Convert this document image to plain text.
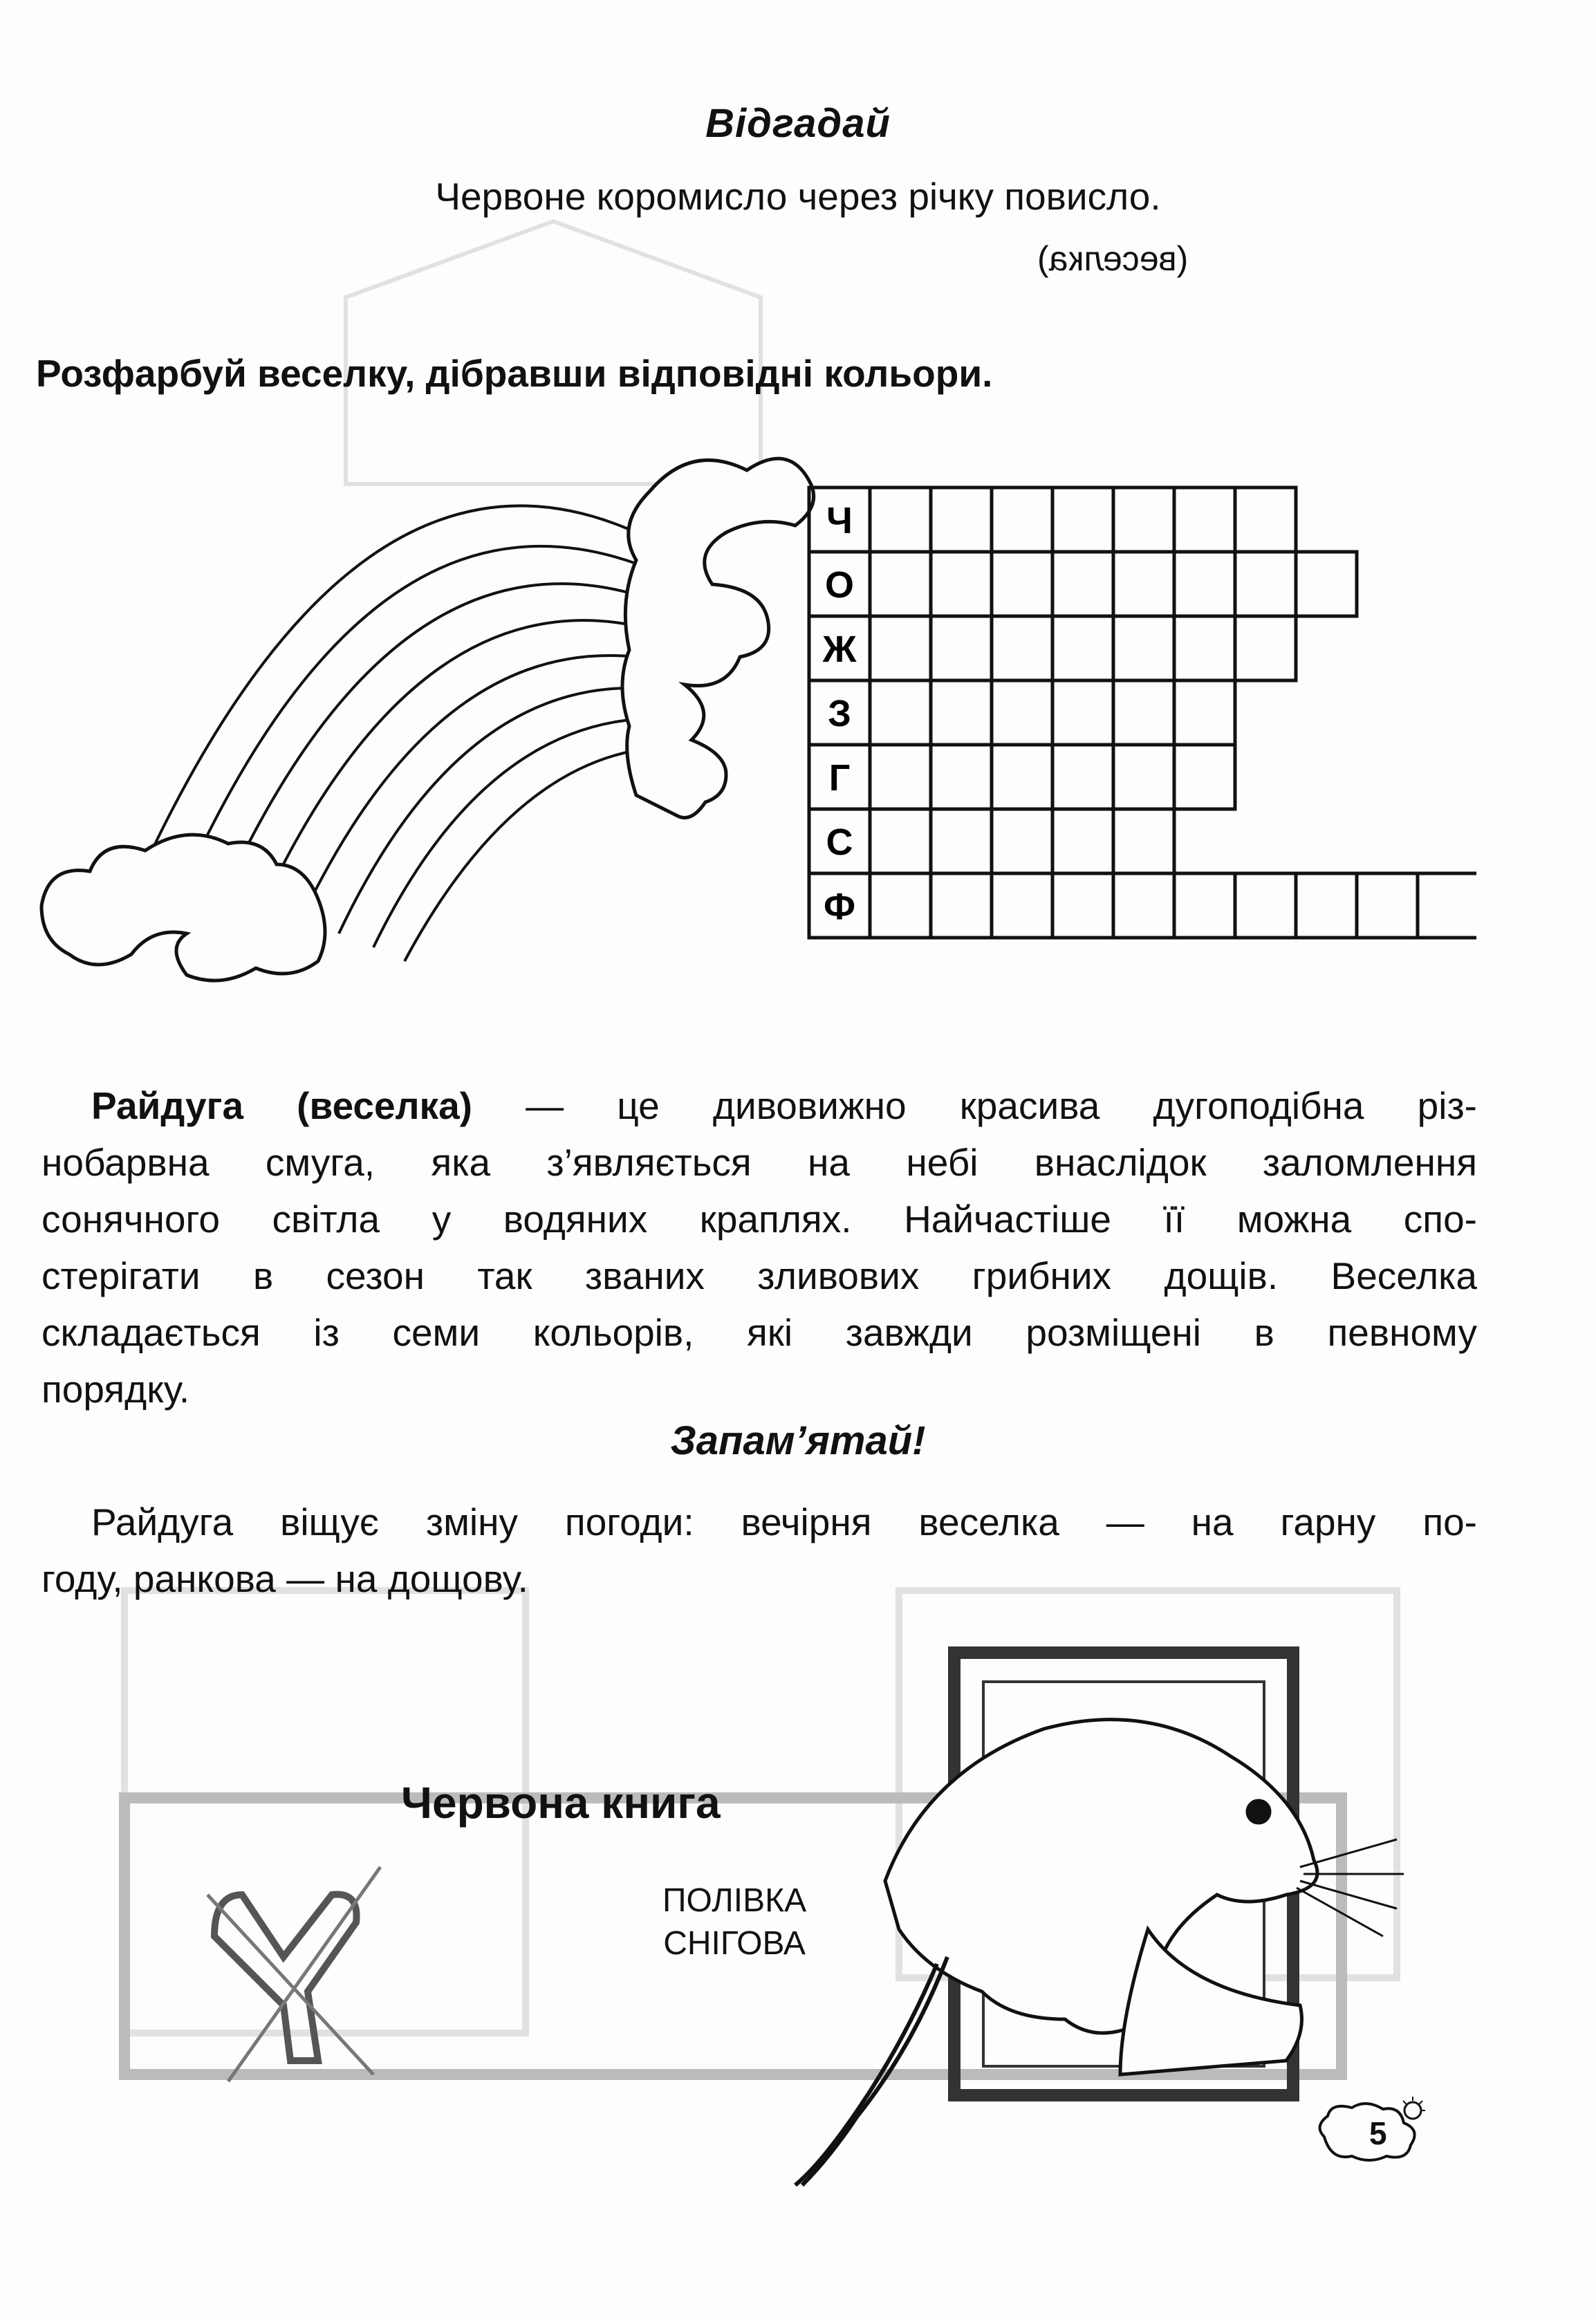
Відгадай
Червоне коромисло через річку повисло.
(веселка)
Розфарбуй веселку, дібравши відповідні кольори.
Ч
О
Ж
З
Г
С
Ф
Райдуга (веселка) — це дивовижно красива дугоподібна різ-
нобарвна смуга, яка з’являється на небі внаслідок заломлення
сонячного світла у водяних краплях. Найчастіше її можна спо-
стерігати в сезон так званих зливових грибних дощів. Веселка
складається із семи кольорів, які завжди розміщені в певному
порядку.
Запам’ятай!
Райдуга віщує зміну погоди: вечірня веселка — на гарну по-
году, ранкова — на дощову.
Червона книга
ПОЛІВКА
СНІГОВА
5
